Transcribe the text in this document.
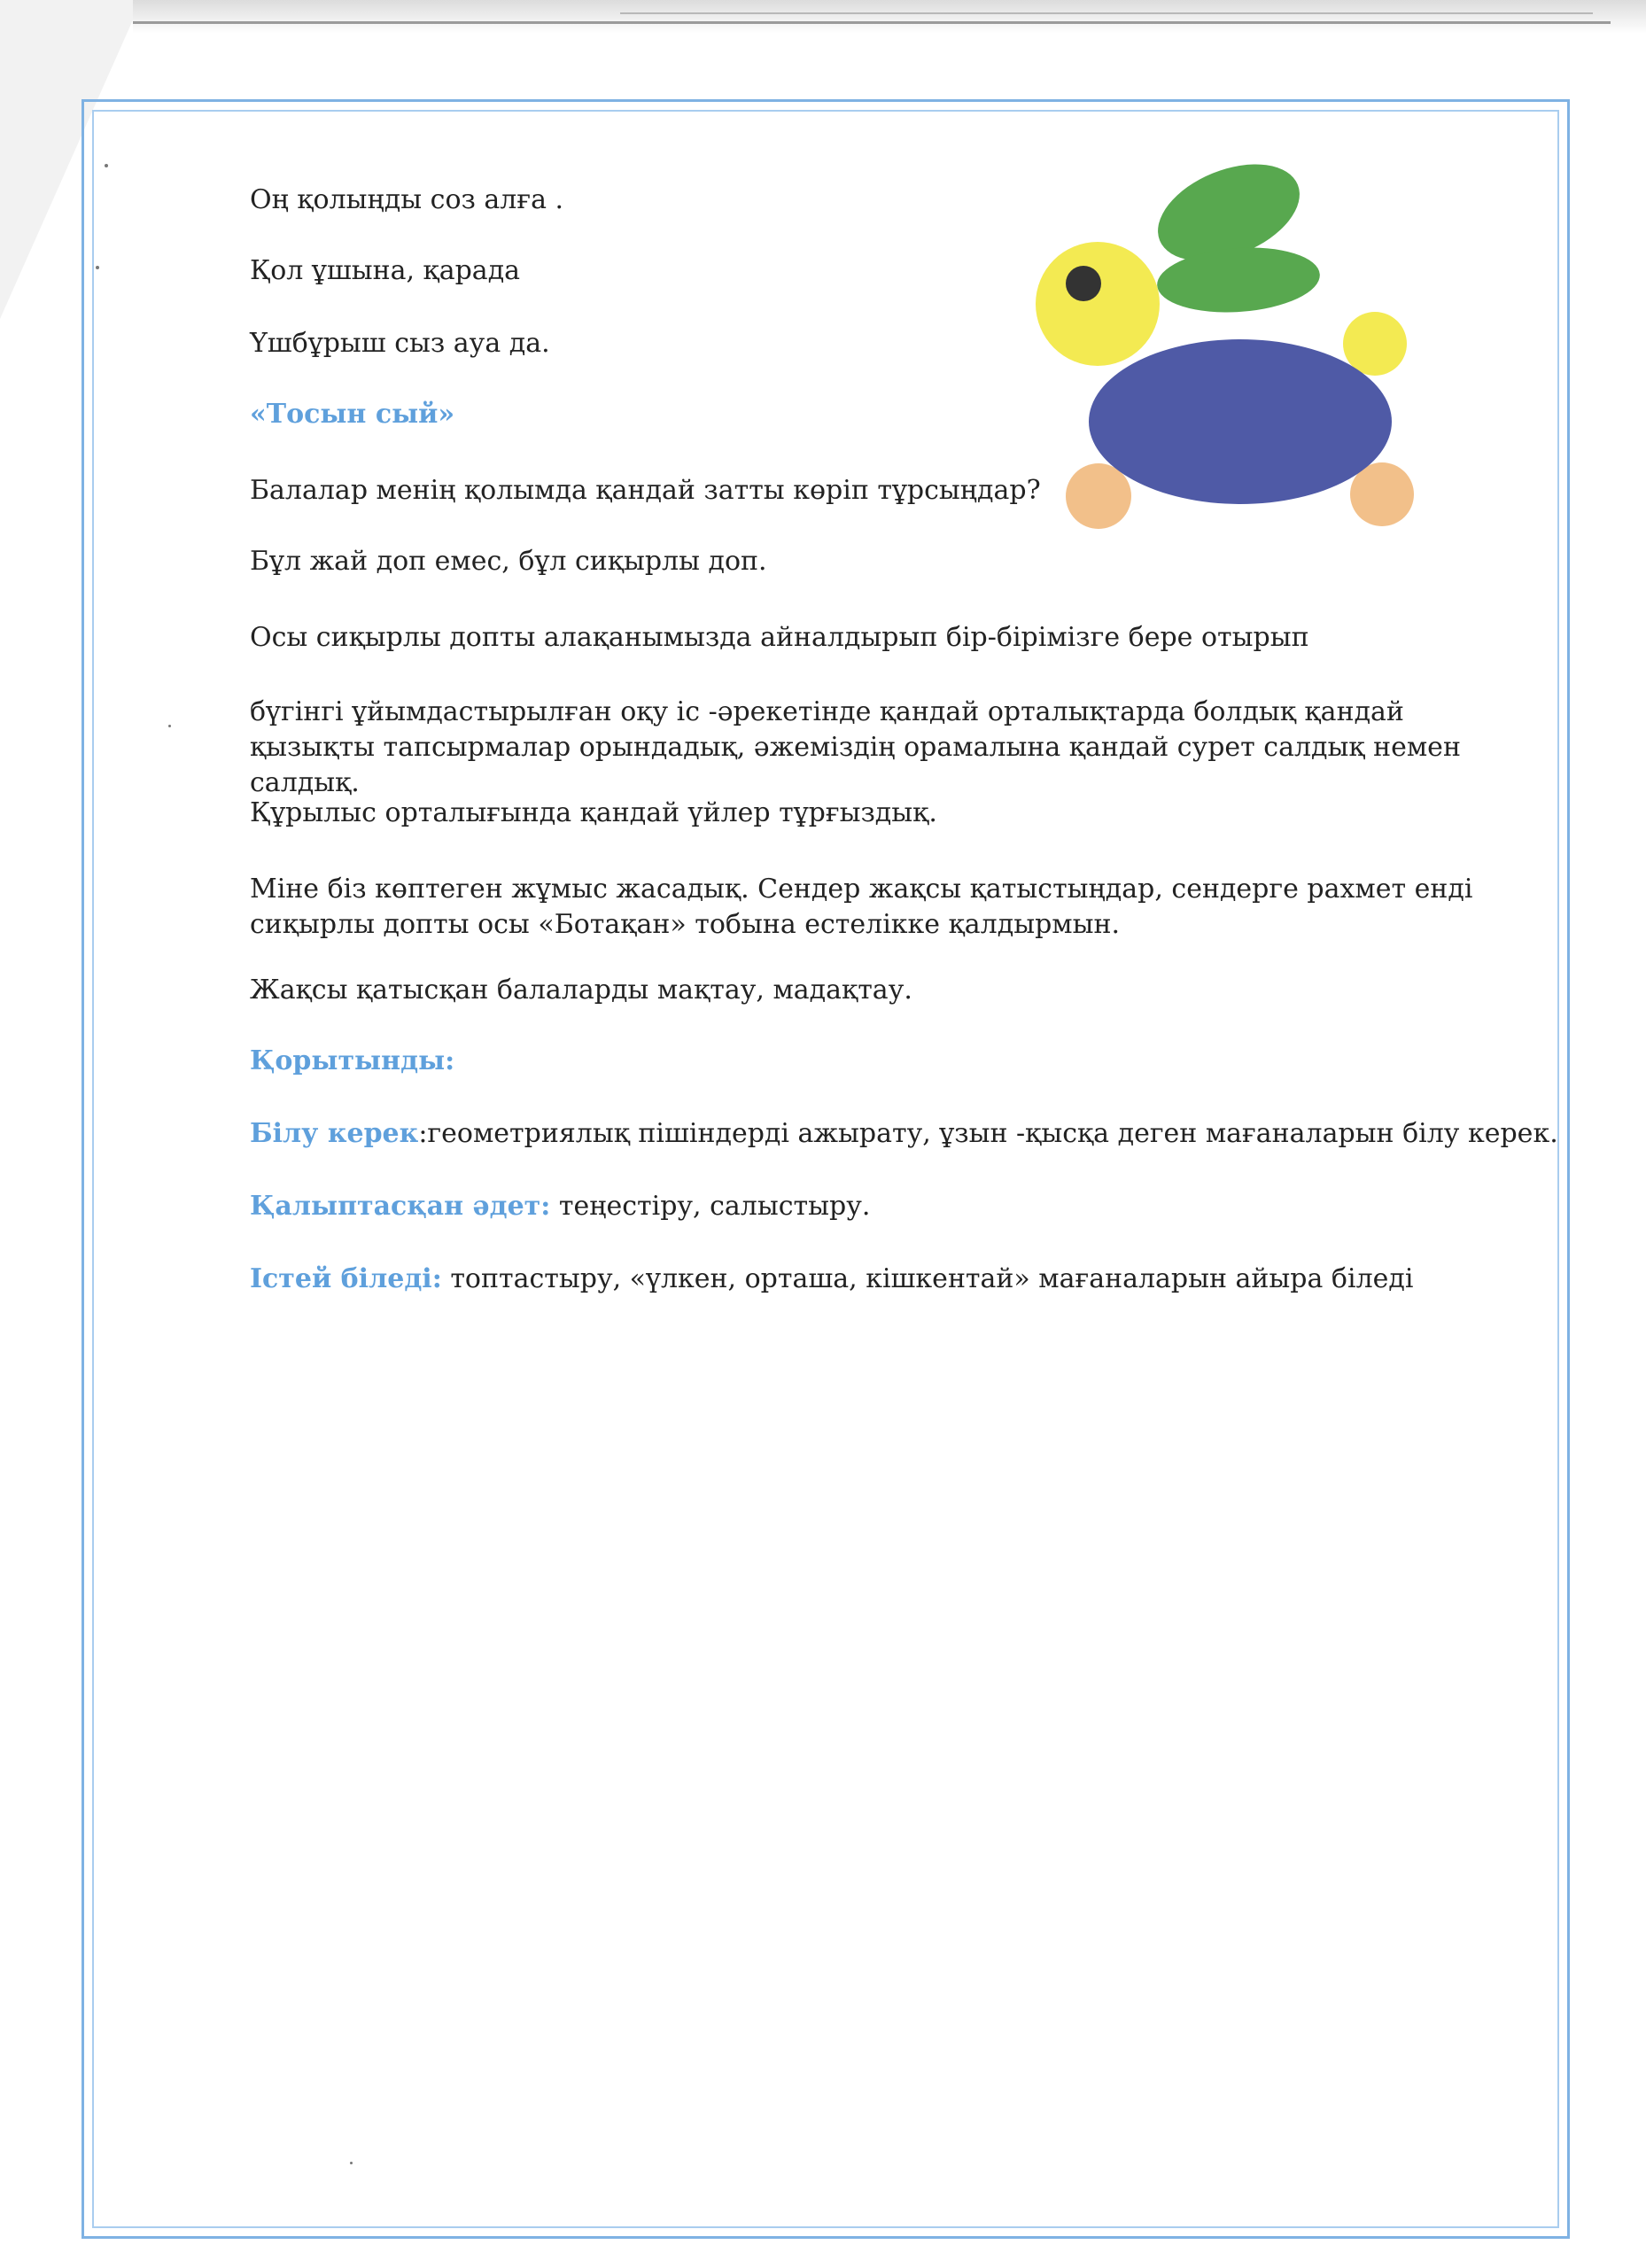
Оң қолыңды соз алға .

Қол ұшына, қарада

Үшбұрыш сыз ауа да.

«Тосын сый»

Балалар менің қолымда қандай затты көріп тұрсыңдар?

Бұл жай доп емес, бұл сиқырлы доп.

Осы сиқырлы допты алақанымызда айналдырып бір-бірімізге бере отырып

бүгінгі ұйымдастырылған оқу іс -әрекетінде қандай орталықтарда болдық қандай қызықты тапсырмалар орындадық, әжеміздің орамалына қандай сурет салдық немен салдық.

Құрылыс орталығында қандай үйлер тұрғыздық.

Міне біз көптеген жұмыс жасадық. Сендер жақсы қатыстыңдар, сендерге рахмет енді сиқырлы допты осы «Ботақан» тобына естелікке қалдырмын.

Жақсы қатысқан балаларды мақтау, мадақтау.

Қорытынды:

Білу керек:геометриялық пішіндерді ажырату, ұзын -қысқа деген мағаналарын білу керек.

Қалыптасқан әдет: теңестіру, салыстыру.

Істей біледі: топтастыру, «үлкен, орташа, кішкентай» мағаналарын айыра біледі
